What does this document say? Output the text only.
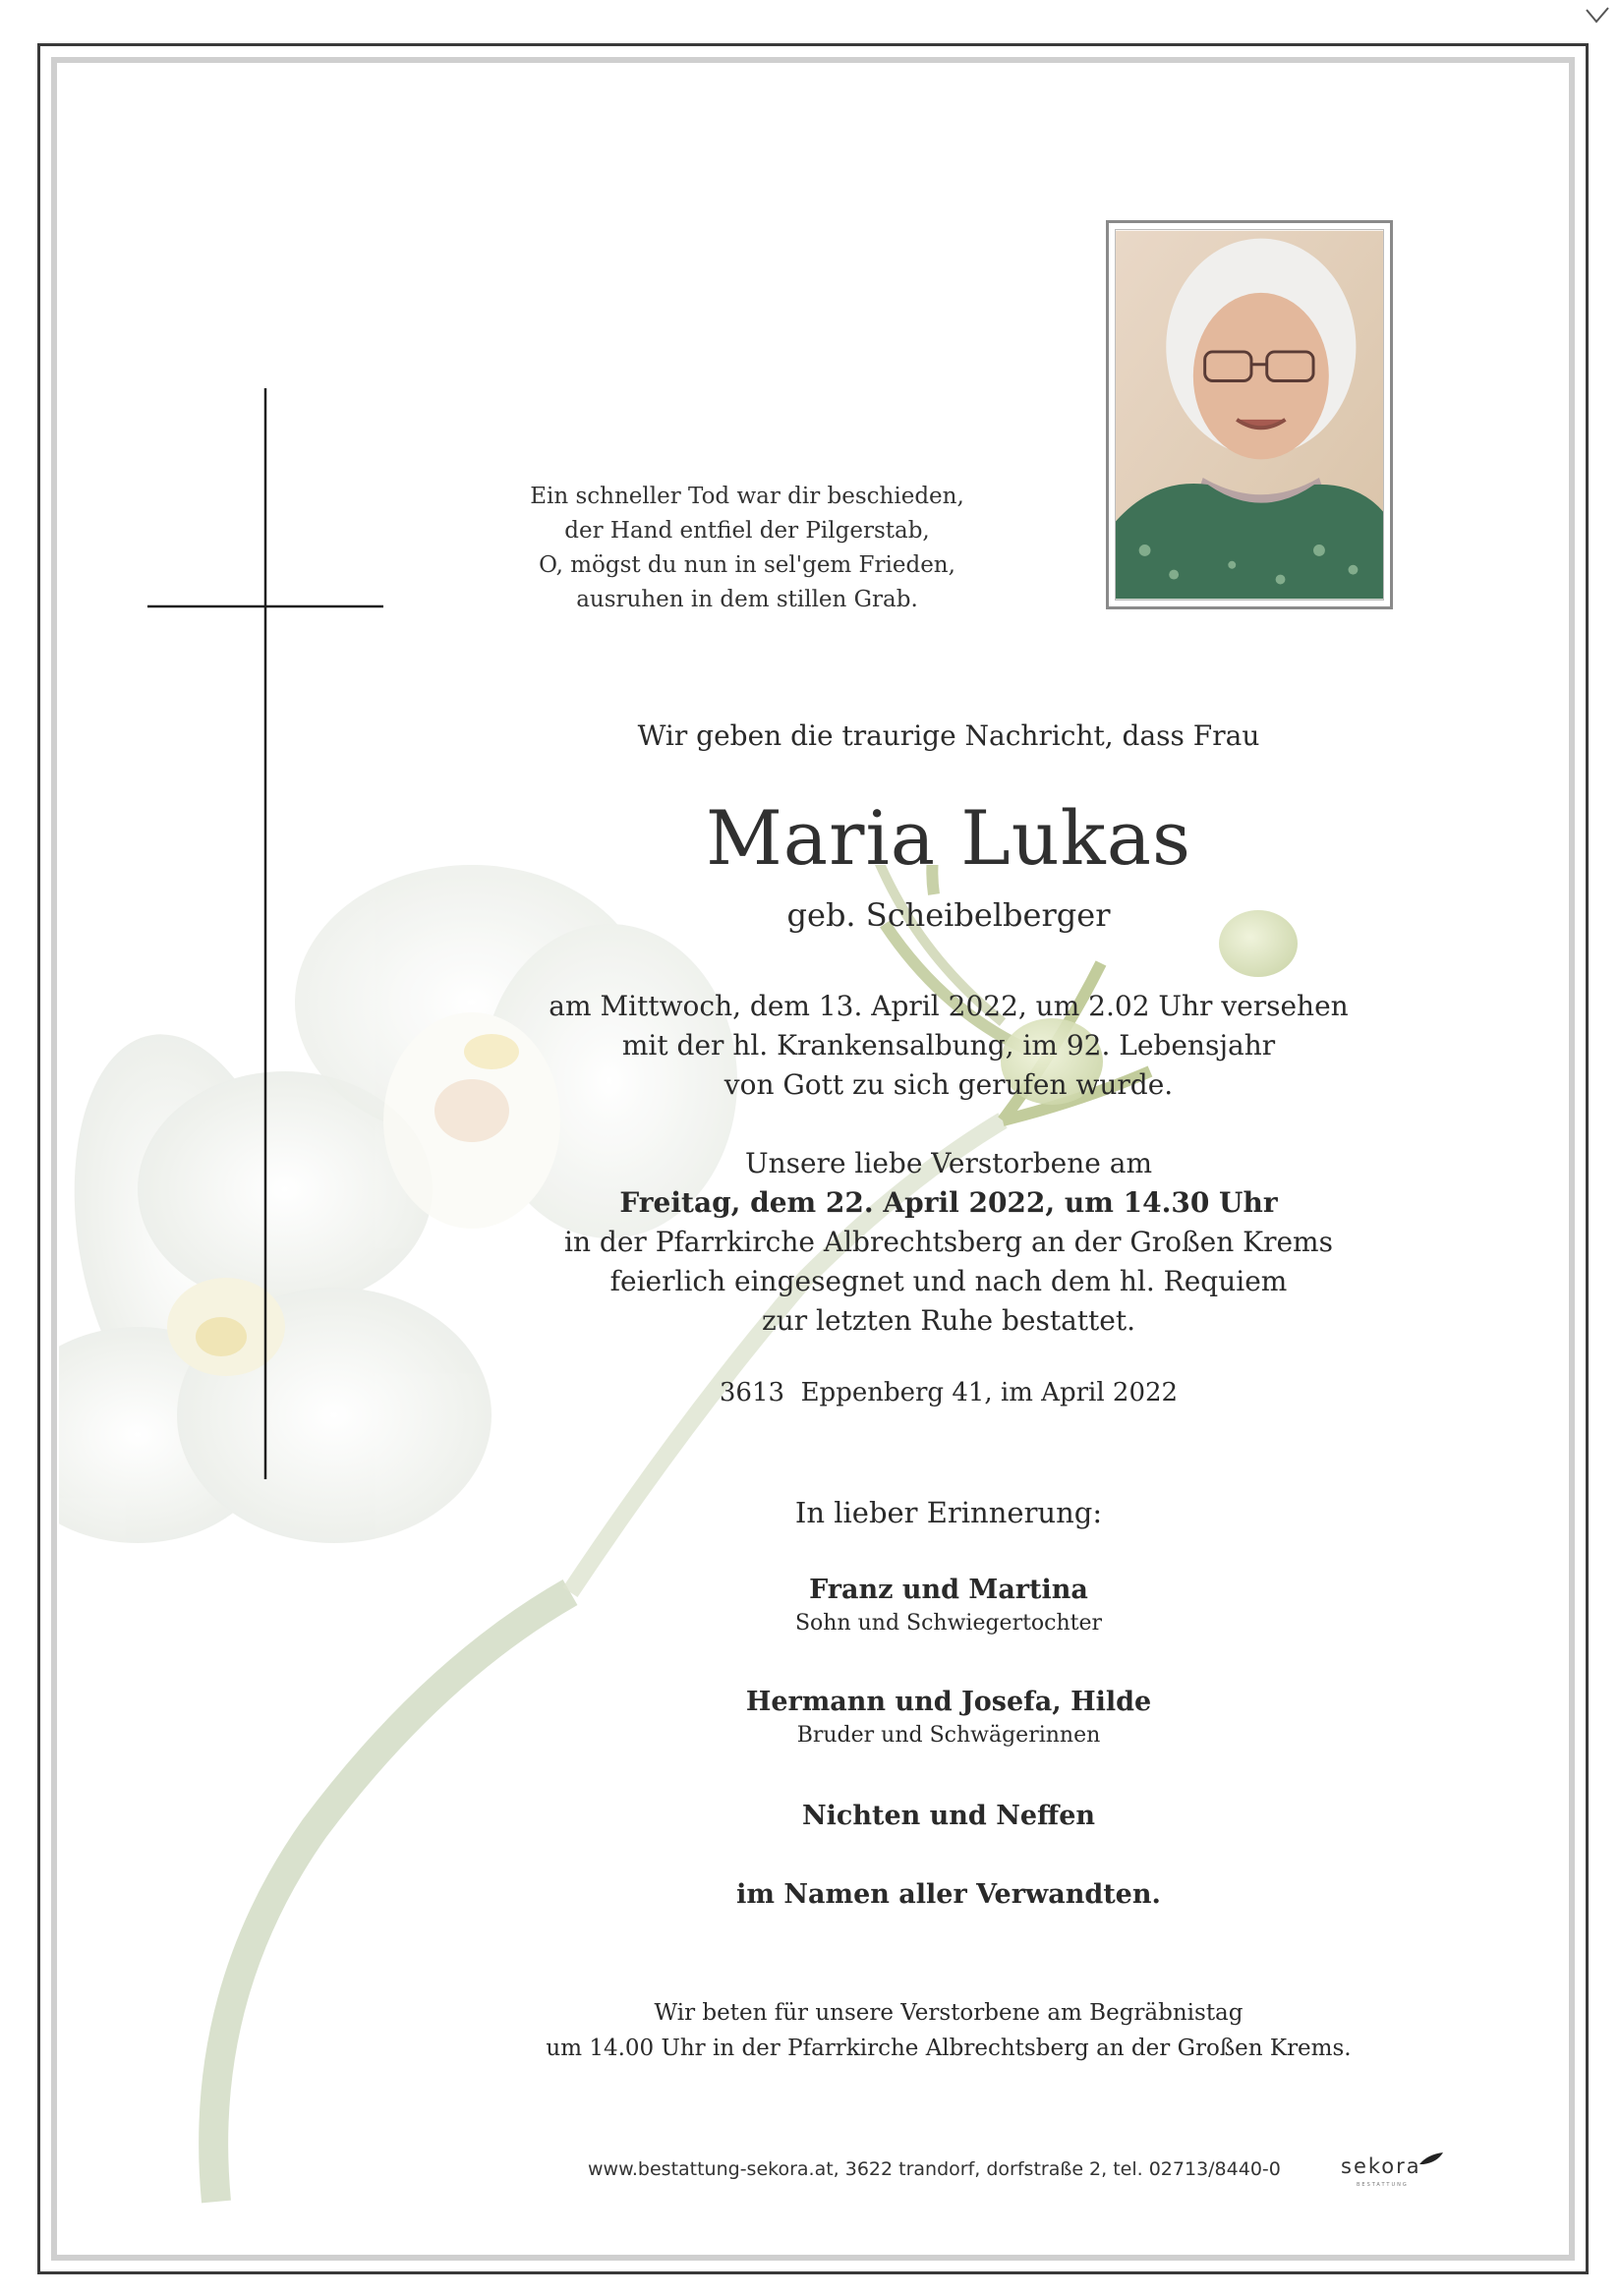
Ein schneller Tod war dir beschieden,
der Hand entfiel der Pilgerstab,
O, mögst du nun in sel'gem Frieden,
ausruhen in dem stillen Grab.
Wir geben die traurige Nachricht, dass Frau
Maria Lukas
geb. Scheibelberger
am Mittwoch, dem 13. April 2022, um 2.02 Uhr versehen
mit der hl. Krankensalbung, im 92. Lebensjahr
von Gott zu sich gerufen wurde.
Unsere liebe Verstorbene am
Freitag, dem 22. April 2022, um 14.30 Uhr
in der Pfarrkirche Albrechtsberg an der Großen Krems
feierlich eingesegnet und nach dem hl. Requiem
zur letzten Ruhe bestattet.
3613  Eppenberg 41, im April 2022
In lieber Erinnerung:
Franz und Martina
Sohn und Schwiegertochter
Hermann und Josefa, Hilde
Bruder und Schwägerinnen
Nichten und Neffen
im Namen aller Verwandten.
Wir beten für unsere Verstorbene am Begräbnistag
um 14.00 Uhr in der Pfarrkirche Albrechtsberg an der Großen Krems.
www.bestattung-sekora.at, 3622 trandorf, dorfstraße 2, tel. 02713/8440-0	sekora
BESTATTUNG
